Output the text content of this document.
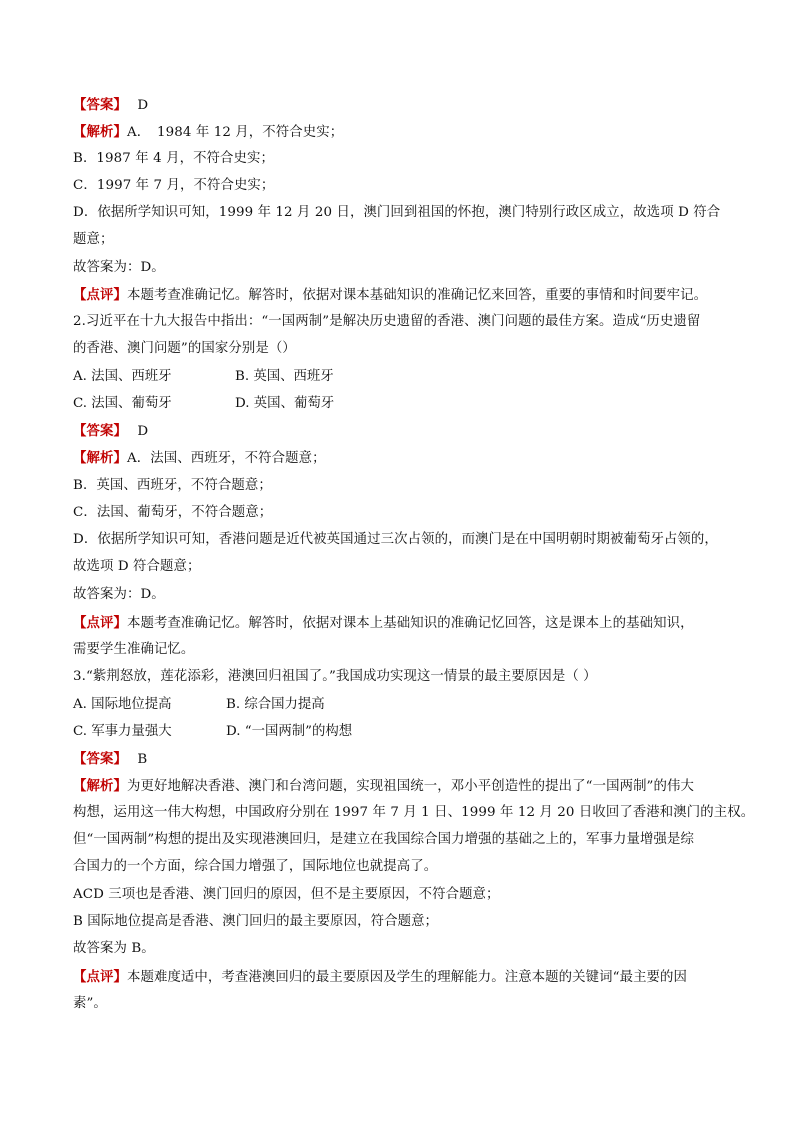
【答案】 D
【解析】A．　1984 年 12 月，不符合史实；
B．1987 年 4 月，不符合史实；
C．1997 年 7 月，不符合史实；
D．依据所学知识可知，1999 年 12 月 20 日，澳门回到祖国的怀抱，澳门特别行政区成立，故选项 D 符合
题意；
故答案为：D。
【点评】本题考查准确记忆。解答时，依据对课本基础知识的准确记忆来回答，重要的事情和时间要牢记。
2.习近平在十九大报告中指出：“一国两制”是解决历史遗留的香港、澳门问题的最佳方案。造成“历史遗留
的香港、澳门问题”的国家分别是（）
A. 法国、西班牙	B. 英国、西班牙
C. 法国、葡萄牙	D. 英国、葡萄牙
【答案】 D
【解析】A．法国、西班牙，不符合题意；
B．英国、西班牙，不符合题意；
C．法国、葡萄牙，不符合题意；
D．依据所学知识可知，香港问题是近代被英国通过三次占领的，而澳门是在中国明朝时期被葡萄牙占领的，
故选项 D 符合题意；
故答案为：D。
【点评】本题考查准确记忆。解答时，依据对课本上基础知识的准确记忆回答，这是课本上的基础知识，
需要学生准确记忆。
3.“紫荆怒放，莲花添彩，港澳回归祖国了。”我国成功实现这一情景的最主要原因是（ ）
A. 国际地位提高	B. 综合国力提高
C. 军事力量强大	D. “一国两制”的构想
【答案】 B
【解析】为更好地解决香港、澳门和台湾问题，实现祖国统一，邓小平创造性的提出了“一国两制”的伟大
构想，运用这一伟大构想，中国政府分别在 1997 年 7 月 1 日、1999 年 12 月 20 日收回了香港和澳门的主权。
但“一国两制”构想的提出及实现港澳回归，是建立在我国综合国力增强的基础之上的，军事力量增强是综
合国力的一个方面，综合国力增强了，国际地位也就提高了。
ACD 三项也是香港、澳门回归的原因，但不是主要原因，不符合题意；
B 国际地位提高是香港、澳门回归的最主要原因，符合题意；
故答案为 B。
【点评】本题难度适中，考查港澳回归的最主要原因及学生的理解能力。注意本题的关键词“最主要的因
素”。
